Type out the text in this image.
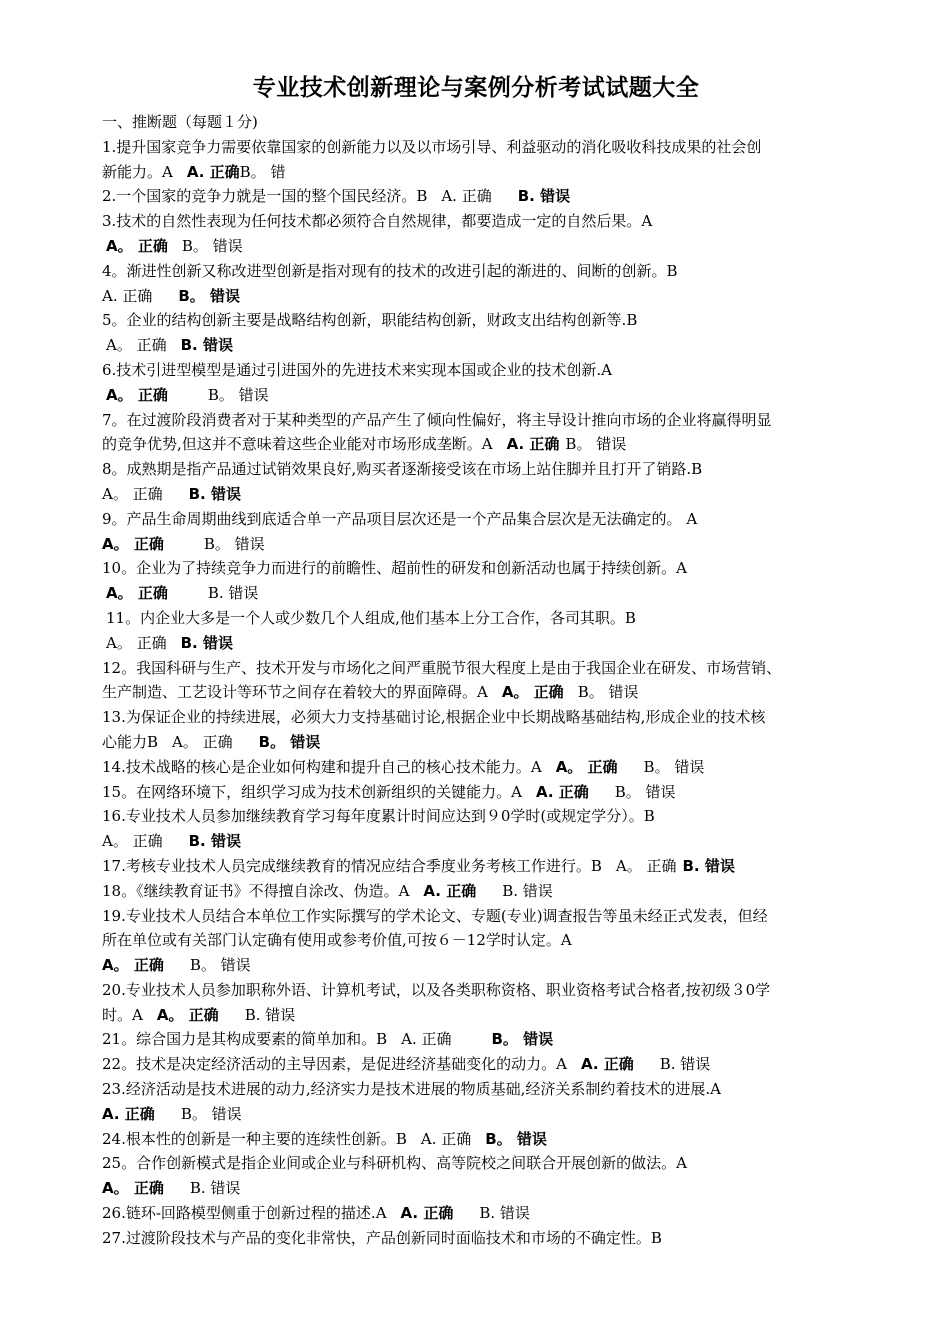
专业技术创新理论与案例分析考试试题大全
一、推断题（每题１分)
1.提升国家竞争力需要依靠国家的创新能力以及以市场引导、利益驱动的消化吸收科技成果的社会创
新能力。A A. 正确B。 错
2.一个国家的竞争力就是一国的整个国民经济。B A. 正确 B. 错误
3.技术的自然性表现为任何技术都必须符合自然规律，都要造成一定的自然后果。A
A。 正确 B。 错误
4。渐进性创新又称改进型创新是指对现有的技术的改进引起的渐进的、间断的创新。B
A. 正确 B。 错误
5。企业的结构创新主要是战略结构创新，职能结构创新，财政支出结构创新等.B
A。 正确 B. 错误
6.技术引进型模型是通过引进国外的先进技术来实现本国或企业的技术创新.A
A。 正确	B。 错误
7。在过渡阶段消费者对于某种类型的产品产生了倾向性偏好，将主导设计推向市场的企业将赢得明显
的竞争优势,但这并不意味着这些企业能对市场形成垄断。A A. 正确 B。 错误
8。成熟期是指产品通过试销效果良好,购买者逐渐接受该在市场上站住脚并且打开了销路.B
A。 正确 B. 错误
9。产品生命周期曲线到底适合单一产品项目层次还是一个产品集合层次是无法确定的。 A
A。 正确	B。 错误
10。企业为了持续竞争力而进行的前瞻性、超前性的研发和创新活动也属于持续创新。A
A。 正确	B. 错误
11。内企业大多是一个人或少数几个人组成,他们基本上分工合作，各司其职。B
A。 正确 B. 错误
12。我国科研与生产、技术开发与市场化之间严重脱节很大程度上是由于我国企业在研发、市场营销、
生产制造、工艺设计等环节之间存在着较大的界面障碍。A A。 正确 B。 错误
13.为保证企业的持续进展，必须大力支持基础讨论,根据企业中长期战略基础结构,形成企业的技术核
心能力B A。 正确 B。 错误
14.技术战略的核心是企业如何构建和提升自己的核心技术能力。A A。 正确 B。 错误
15。在网络环境下，组织学习成为技术创新组织的关键能力。A A. 正确 B。 错误
16.专业技术人员参加继续教育学习每年度累计时间应达到９0学时(或规定学分）。B
A。 正确 B. 错误
17.考核专业技术人员完成继续教育的情况应结合季度业务考核工作进行。B A。 正确 B. 错误
18。《继续教育证书》不得擅自涂改、伪造。A A. 正确 B. 错误
19.专业技术人员结合本单位工作实际撰写的学术论文、专题(专业)调查报告等虽未经正式发表，但经
所在单位或有关部门认定确有使用或参考价值,可按６－12学时认定。A
A。 正确 B。 错误
20.专业技术人员参加职称外语、计算机考试，以及各类职称资格、职业资格考试合格者,按初级３0学
时。A A。 正确 B. 错误
21。综合国力是其构成要素的简单加和。B A. 正确	B。 错误
22。技术是决定经济活动的主导因素，是促进经济基础变化的动力。A A. 正确 B. 错误
23.经济活动是技术进展的动力,经济实力是技术进展的物质基础,经济关系制约着技术的进展.A
A. 正确 B。 错误
24.根本性的创新是一种主要的连续性创新。B A. 正确 B。 错误
25。合作创新模式是指企业间或企业与科研机构、高等院校之间联合开展创新的做法。A
A。 正确 B. 错误
26.链环-回路模型侧重于创新过程的描述.A A. 正确 B. 错误
27.过渡阶段技术与产品的变化非常快，产品创新同时面临技术和市场的不确定性。B
